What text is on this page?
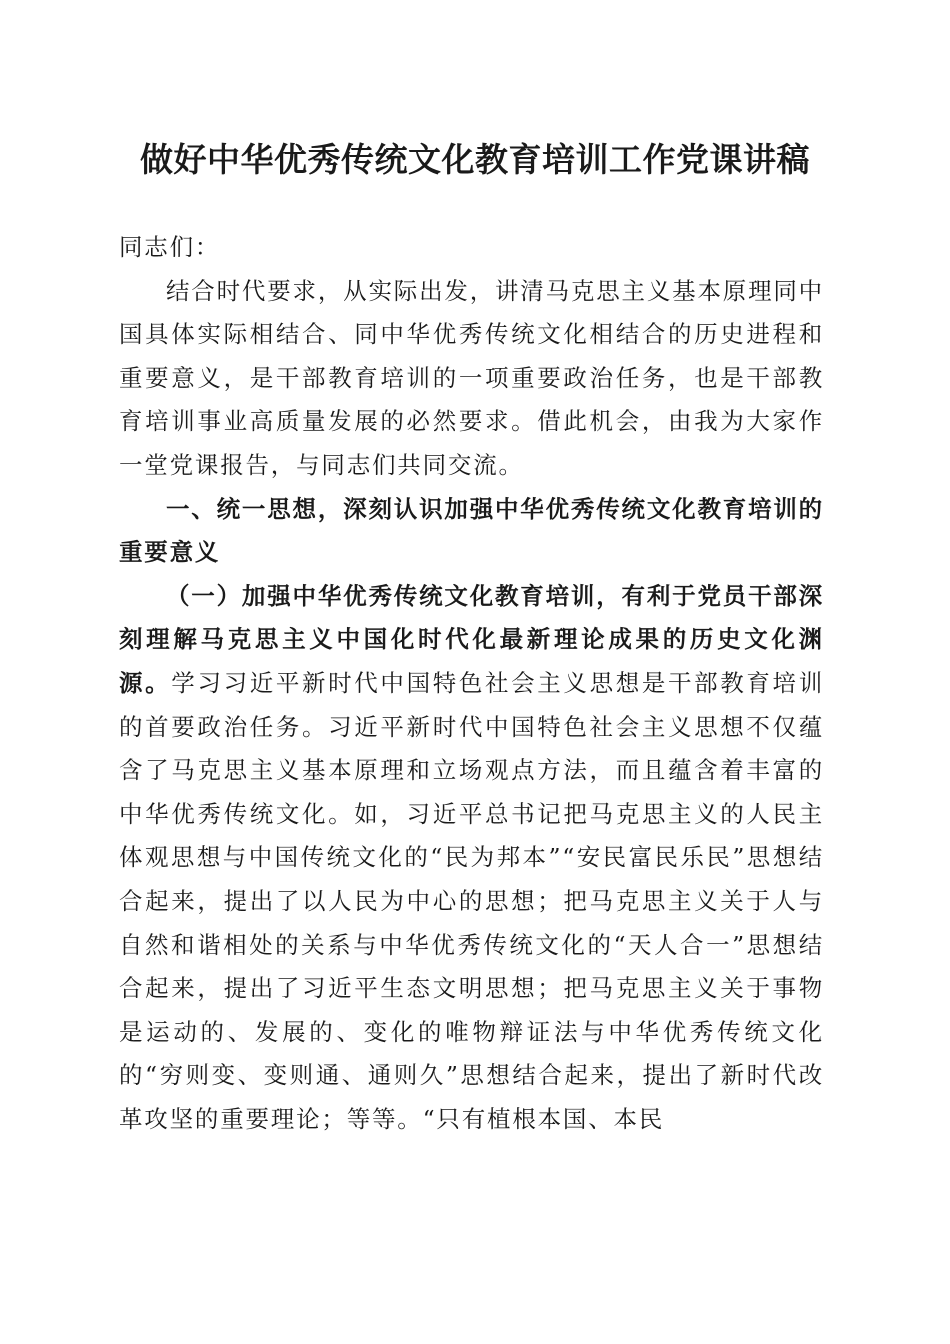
做好中华优秀传统文化教育培训工作党课讲稿

同志们：

结合时代要求，从实际出发，讲清马克思主义基本原理同中国具体实际相结合、同中华优秀传统文化相结合的历史进程和重要意义，是干部教育培训的一项重要政治任务，也是干部教育培训事业高质量发展的必然要求。借此机会，由我为大家作一堂党课报告，与同志们共同交流。

一、统一思想，深刻认识加强中华优秀传统文化教育培训的重要意义

（一）加强中华优秀传统文化教育培训，有利于党员干部深刻理解马克思主义中国化时代化最新理论成果的历史文化渊源。学习习近平新时代中国特色社会主义思想是干部教育培训的首要政治任务。习近平新时代中国特色社会主义思想不仅蕴含了马克思主义基本原理和立场观点方法，而且蕴含着丰富的中华优秀传统文化。如，习近平总书记把马克思主义的人民主体观思想与中国传统文化的“民为邦本”“安民富民乐民”思想结合起来，提出了以人民为中心的思想；把马克思主义关于人与自然和谐相处的关系与中华优秀传统文化的“天人合一”思想结合起来，提出了习近平生态文明思想；把马克思主义关于事物是运动的、发展的、变化的唯物辩证法与中华优秀传统文化的“穷则变、变则通、通则久”思想结合起来，提出了新时代改革攻坚的重要理论；等等。“只有植根本国、本民
